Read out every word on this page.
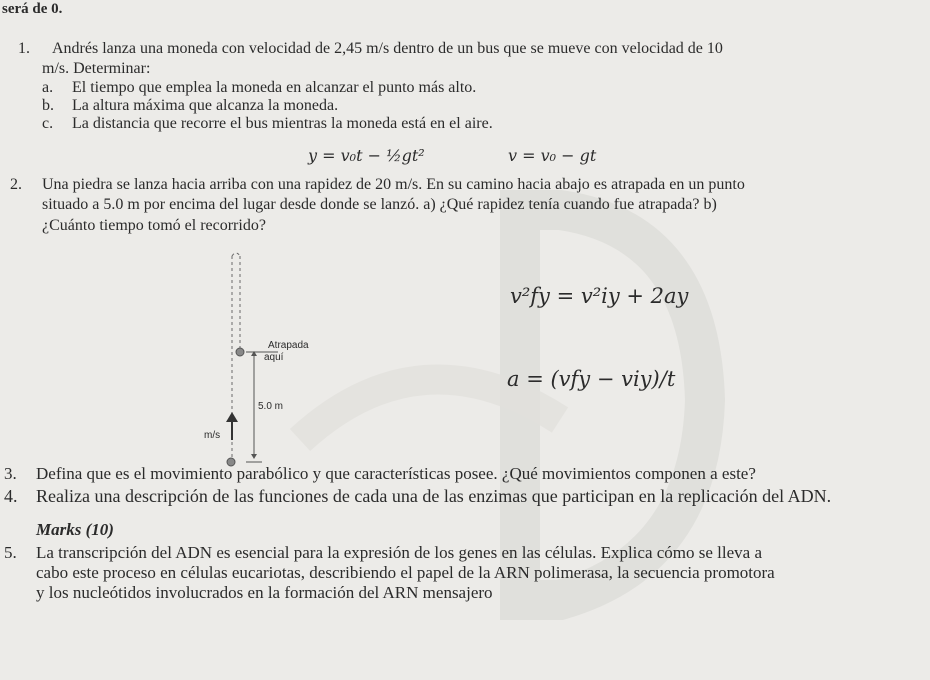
será de 0.
1. Andrés lanza una moneda con velocidad de 2,45 m/s dentro de un bus que se mueve con velocidad de 10
m/s. Determinar:
a. El tiempo que emplea la moneda en alcanzar el punto más alto.
b. La altura máxima que alcanza la moneda.
c. La distancia que recorre el bus mientras la moneda está en el aire.
y = v₀t − ½gt²	v = v₀ − gt
2. Una piedra se lanza hacia arriba con una rapidez de 20 m/s. En su camino hacia abajo es atrapada en un punto
situado a 5.0 m por encima del lugar desde donde se lanzó. a) ¿Qué rapidez tenía cuando fue atrapada? b)
¿Cuánto tiempo tomó el recorrido?
Atrapada
aquí
5.0 m
m/s
v²fy = v²iy + 2ay
a = (vfy − viy)/t
3. Defina que es el movimiento parabólico y que características posee. ¿Qué movimientos componen a este?
4. Realiza una descripción de las funciones de cada una de las enzimas que participan en la replicación del ADN.
Marks (10)
5. La transcripción del ADN es esencial para la expresión de los genes en las células. Explica cómo se lleva a
cabo este proceso en células eucariotas, describiendo el papel de la ARN polimerasa, la secuencia promotora
y los nucleótidos involucrados en la formación del ARN mensajero
